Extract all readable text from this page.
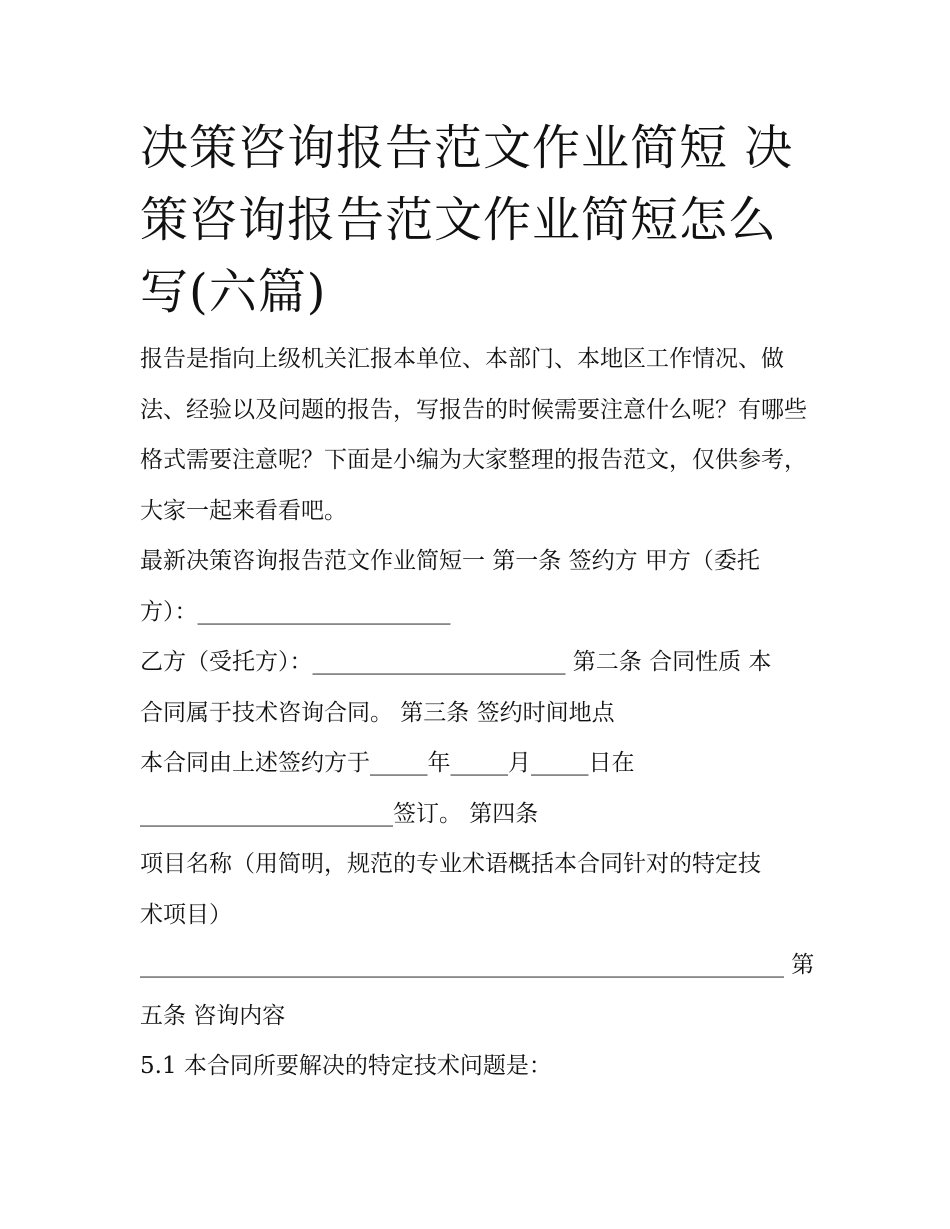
决策咨询报告范文作业简短 决策咨询报告范文作业简短怎么写(六篇)

报告是指向上级机关汇报本单位、本部门、本地区工作情况、做法、经验以及问题的报告，写报告的时候需要注意什么呢？有哪些格式需要注意呢？下面是小编为大家整理的报告范文，仅供参考，大家一起来看看吧。

最新决策咨询报告范文作业简短一 第一条 签约方 甲方（委托

方）：______________________

乙方（受托方）：______________________ 第二条 合同性质 本

合同属于技术咨询合同。 第三条 签约时间地点

本合同由上述签约方于_____年_____月_____日在

______________________签订。 第四条

项目名称（用简明，规范的专业术语概括本合同针对的特定技

术项目）

________________________________________________________ 第

五条 咨询内容

5.1 本合同所要解决的特定技术问题是：
